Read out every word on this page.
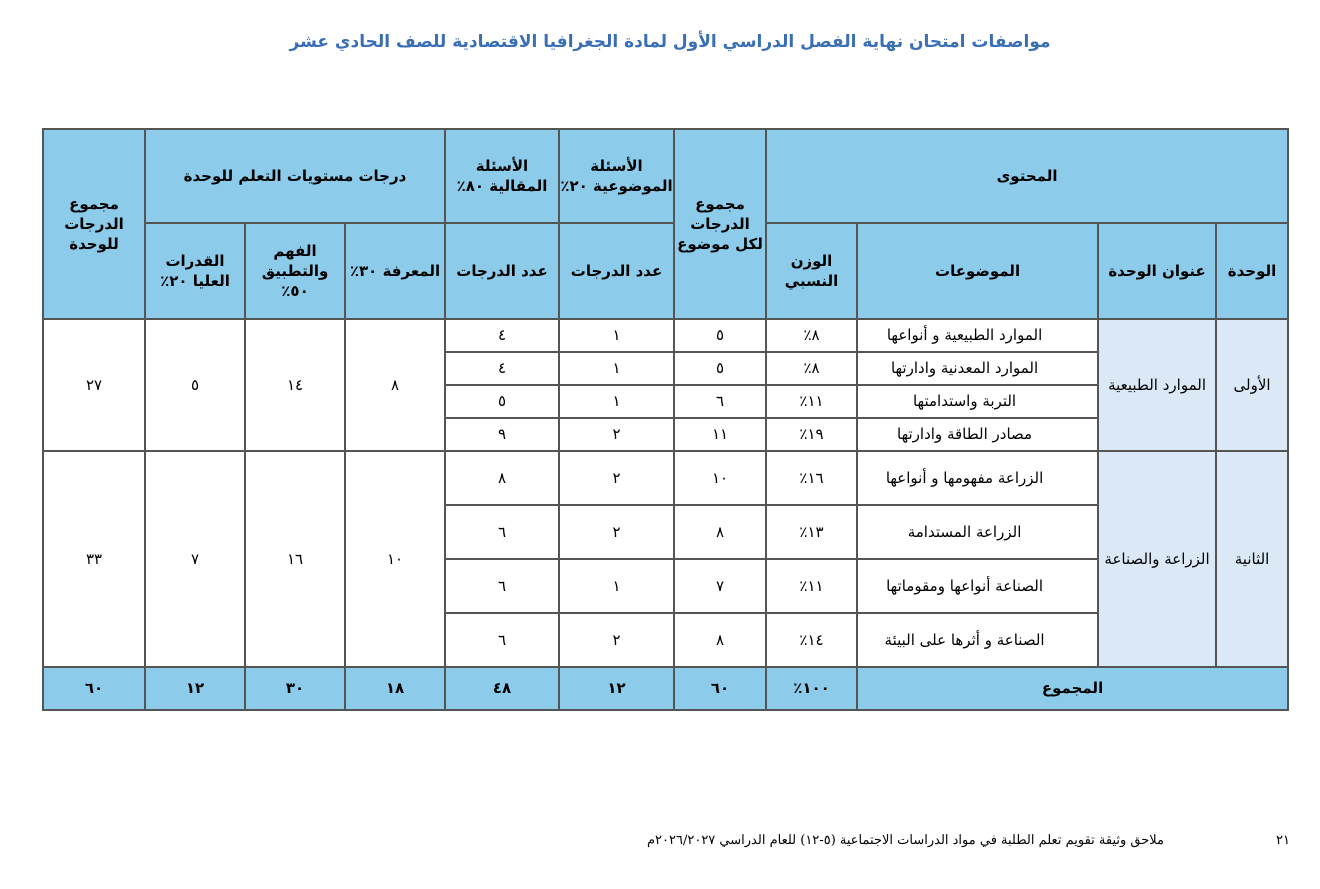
مواصفات امتحان نهاية الفصل الدراسي الأول لمادة الجغرافيا الاقتصادية للصف الحادي عشر
المحتوى				مجموع الدرجات لكل موضوع	الأسئلة الموضوعية ٢٠٪	الأسئلة المقالية ٨٠٪	درجات مستويات التعلم للوحدة			مجموع الدرجات للوحدة
الوحدة	عنوان الوحدة	الموضوعات	الوزن النسبي		عدد الدرجات	عدد الدرجات	المعرفة ٣٠٪	الفهم والتطبيق ٥٠٪	القدرات العليا ٢٠٪	
الأولى	الموارد الطبيعية	الموارد الطبيعية و أنواعها	٨٪	٥	١	٤	٨	١٤	٥	٢٧
		الموارد المعدنية وادارتها	٨٪	٥	١	٤				
		التربة واستدامتها	١١٪	٦	١	٥				
		مصادر الطاقة وادارتها	١٩٪	١١	٢	٩				
الثانية	الزراعة والصناعة	الزراعة مفهومها و أنواعها	١٦٪	١٠	٢	٨	١٠	١٦	٧	٣٣
		الزراعة المستدامة	١٣٪	٨	٢	٦				
		الصناعة أنواعها ومقوماتها	١١٪	٧	١	٦				
		الصناعة و أثرها على البيئة	١٤٪	٨	٢	٦				
المجموع			١٠٠٪	٦٠	١٢	٤٨	١٨	٣٠	١٢	٦٠
ملاحق وثيقة تقويم تعلم الطلبة في مواد الدراسات الاجتماعية (٥-١٢) للعام الدراسي ٢٠٢٦/٢٠٢٧م	٢١
